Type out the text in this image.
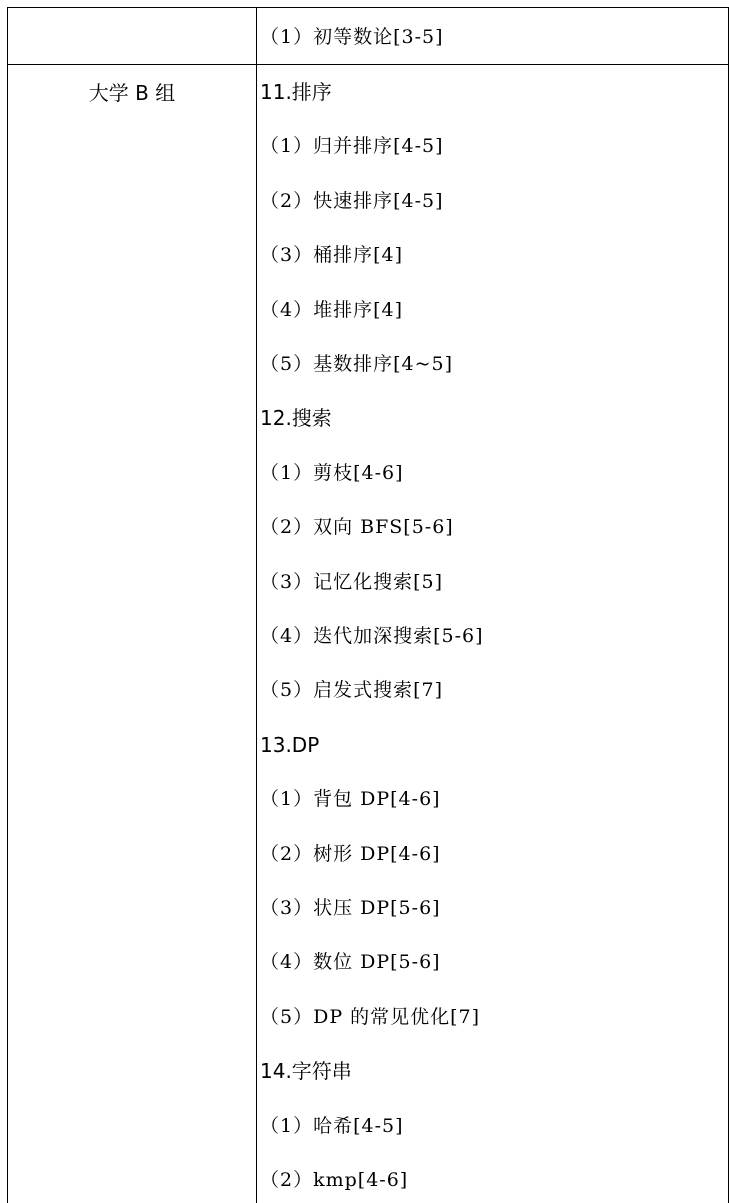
大学 B 组
（1）初等数论[3-5]
11.排序
（1）归并排序[4-5]
（2）快速排序[4-5]
（3）桶排序[4]
（4）堆排序[4]
（5）基数排序[4~5]
12.搜索
（1）剪枝[4-6]
（2）双向 BFS[5-6]
（3）记忆化搜索[5]
（4）迭代加深搜索[5-6]
（5）启发式搜索[7]
13.DP
（1）背包 DP[4-6]
（2）树形 DP[4-6]
（3）状压 DP[5-6]
（4）数位 DP[5-6]
（5）DP 的常见优化[7]
14.字符串
（1）哈希[4-5]
（2）kmp[4-6]
